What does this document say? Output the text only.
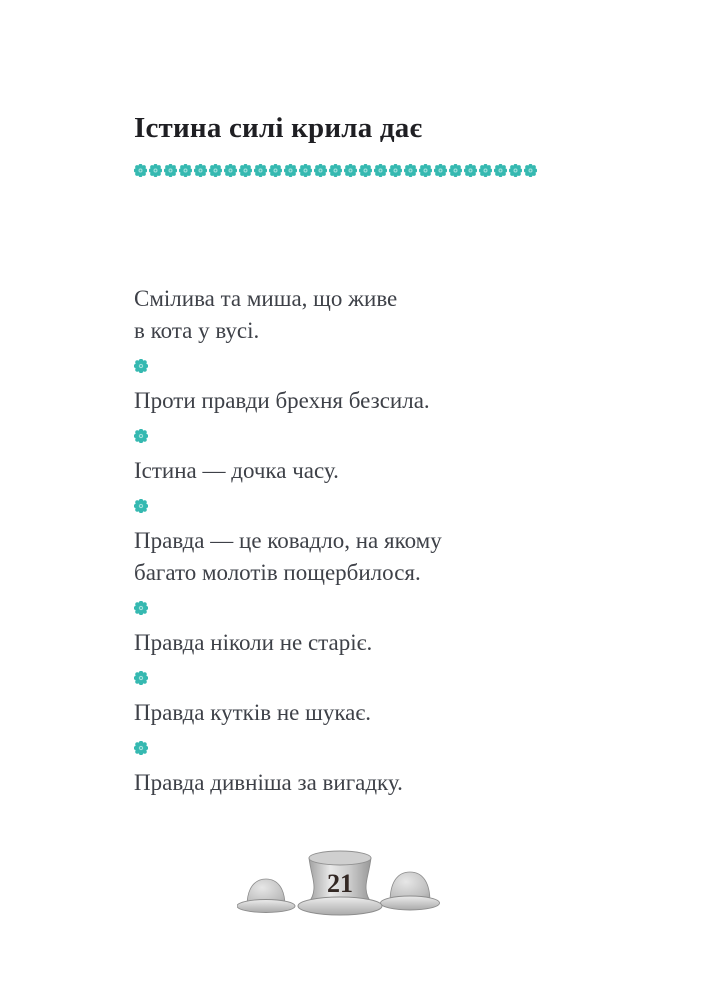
Істина силі крила дає

Смілива та миша, що живе
в кота у вусі.

Проти правди брехня безсила.

Істина — дочка часу.

Правда — це ковадло, на якому
багато молотів пощербилося.

Правда ніколи не старіє.

Правда кутків не шукає.

Правда дивніша за вигадку.

21
